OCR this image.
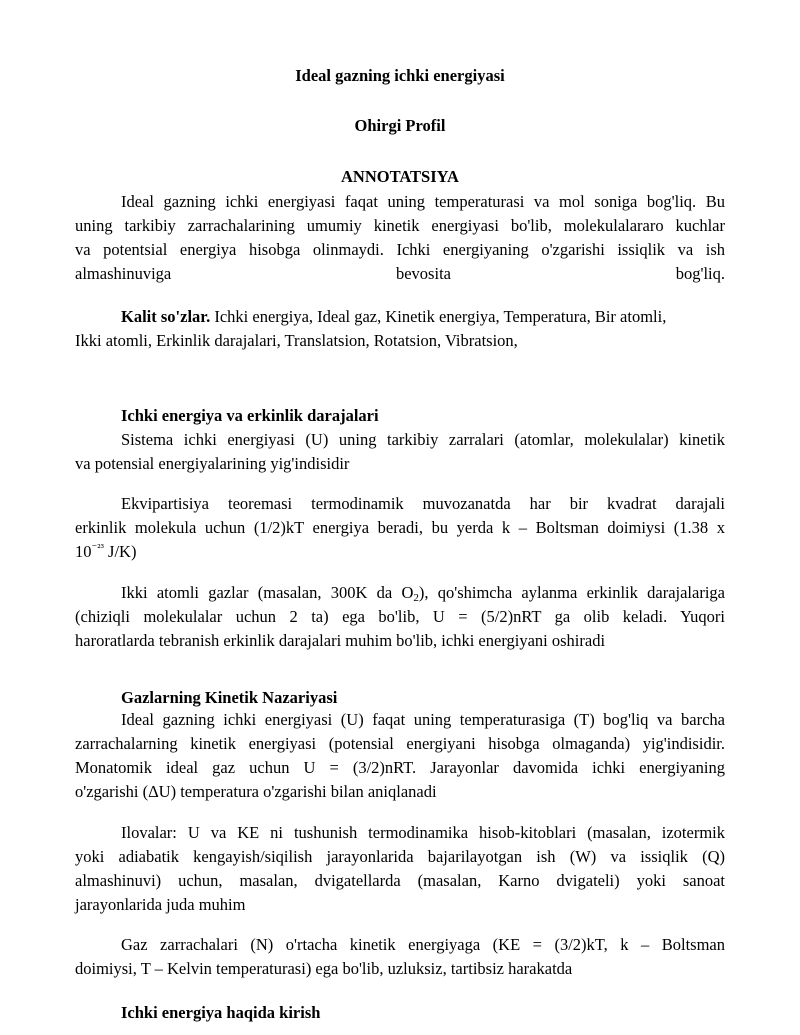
Ideal gazning ichki energiyasi
Ohirgi Profil
ANNOTATSIYA
Ideal gazning ichki energiyasi faqat uning temperaturasi va mol soniga bog'liq. Bu
uning tarkibiy zarrachalarining umumiy kinetik energiyasi bo'lib, molekulalararo kuchlar
va potentsial energiya hisobga olinmaydi. Ichki energiyaning o'zgarishi issiqlik va ish
almashinuviga bevosita bog'liq.
Kalit so'zlar. Ichki energiya, Ideal gaz, Kinetik energiya, Temperatura, Bir atomli,
Ikki atomli, Erkinlik darajalari, Translatsion, Rotatsion, Vibratsion,
Ichki energiya va erkinlik darajalari
Sistema ichki energiyasi (U) uning tarkibiy zarralari (atomlar, molekulalar) kinetik
va potensial energiyalarining yig'indisidir
Ekvipartisiya teoremasi termodinamik muvozanatda har bir kvadrat darajali
erkinlik molekula uchun (1/2)kT energiya beradi, bu yerda k – Boltsman doimiysi (1.38 x
$10^{^{-23}}$ J/K)
Ikki atomli gazlar (masalan, 300K da $O_2$), qo'shimcha aylanma erkinlik darajalariga
(chiziqli molekulalar uchun 2 ta) ega bo'lib, U = (5/2)nRT ga olib keladi. Yuqori
haroratlarda tebranish erkinlik darajalari muhim bo'lib, ichki energiyani oshiradi
Gazlarning Kinetik Nazariyasi
Ideal gazning ichki energiyasi (U) faqat uning temperaturasiga (T) bog'liq va barcha
zarrachalarning kinetik energiyasi (potensial energiyani hisobga olmaganda) yig'indisidir.
Monatomik ideal gaz uchun U = (3/2)nRT. Jarayonlar davomida ichki energiyaning
o'zgarishi (ΔU) temperatura o'zgarishi bilan aniqlanadi
Ilovalar: U va KE ni tushunish termodinamika hisob-kitoblari (masalan, izotermik
yoki adiabatik kengayish/siqilish jarayonlarida bajarilayotgan ish (W) va issiqlik (Q)
almashinuvi) uchun, masalan, dvigatellarda (masalan, Karno dvigateli) yoki sanoat
jarayonlarida juda muhim
Gaz zarrachalari (N) o'rtacha kinetik energiyaga (KE = (3/2)kT, k – Boltsman
doimiysi, T – Kelvin temperaturasi) ega bo'lib, uzluksiz, tartibsiz harakatda
Ichki energiya haqida kirish
